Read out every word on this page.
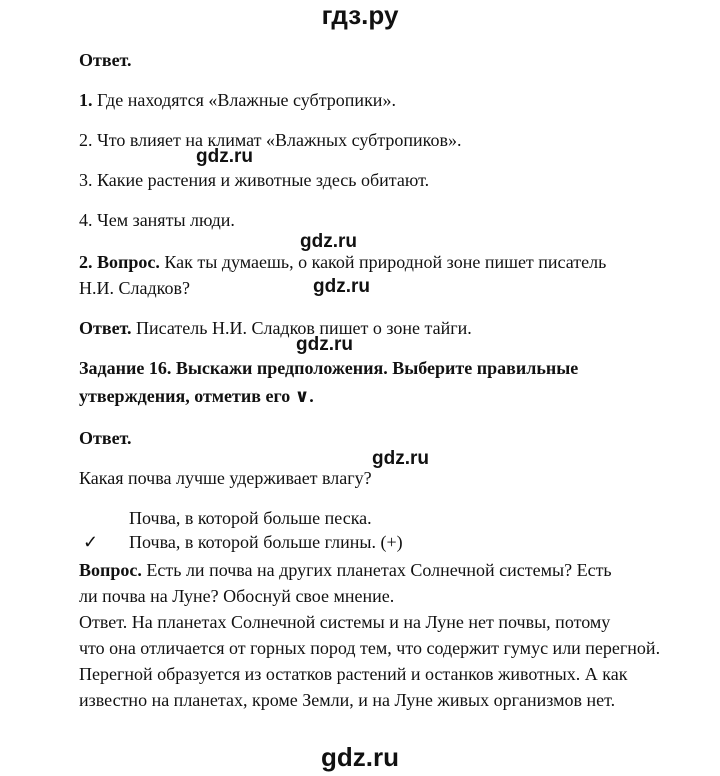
гдз.ру
Ответ.
1. Где находятся «Влажные субтропики».
2. Что влияет на климат «Влажных субтропиков».
gdz.ru
3. Какие растения и животные здесь обитают.
4. Чем заняты люди.
gdz.ru
2. Вопрос. Как ты думаешь, о какой природной зоне пишет писатель
Н.И. Сладков?	gdz.ru
Ответ. Писатель Н.И. Сладков пишет о зоне тайги.
gdz.ru
Задание 16. Выскажи предположения. Выберите правильные
утверждения, отметив его ∨.
Ответ.
gdz.ru
Какая почва лучше удерживает влагу?
Почва, в которой больше песка.
✓ Почва, в которой больше глины. (+)
Вопрос. Есть ли почва на других планетах Солнечной системы? Есть
ли почва на Луне? Обоснуй свое мнение.
Ответ. На планетах Солнечной системы и на Луне нет почвы, потому
что она отличается от горных пород тем, что содержит гумус или перегной.
Перегной образуется из остатков растений и останков животных. А как
известно на планетах, кроме Земли, и на Луне живых организмов нет.
gdz.ru
